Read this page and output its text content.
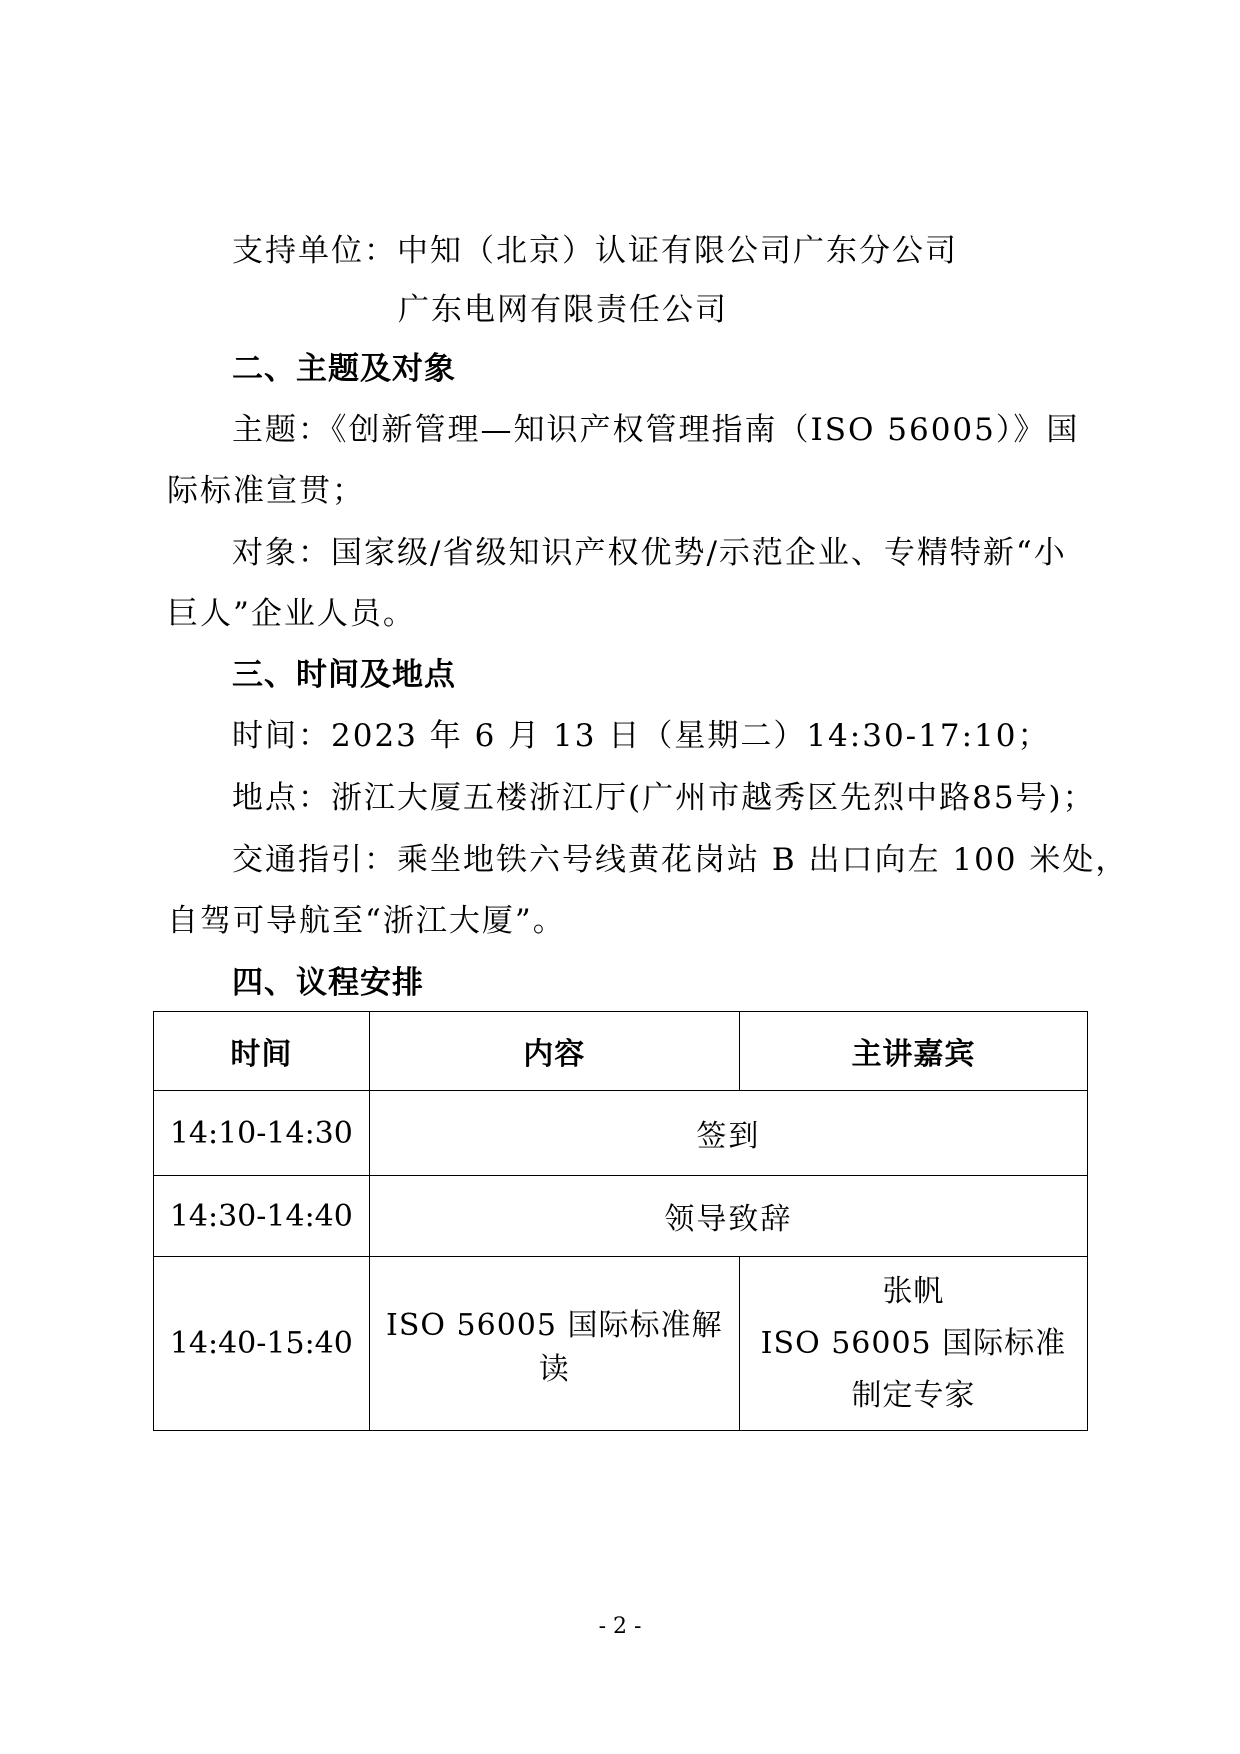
支持单位：中知（北京）认证有限公司广东分公司
广东电网有限责任公司
二、主题及对象
主题：《创新管理—知识产权管理指南（ISO 56005）》国
际标准宣贯；
对象：国家级/省级知识产权优势/示范企业、专精特新“小
巨人”企业人员。
三、时间及地点
时间：2023 年 6 月 13 日（星期二）14:30-17:10；
地点：浙江大厦五楼浙江厅(广州市越秀区先烈中路85号)；
交通指引：乘坐地铁六号线黄花岗站 B 出口向左 100 米处，
自驾可导航至“浙江大厦”。
四、议程安排
时间	内容	主讲嘉宾
14:10-14:30	签到	
14:30-14:40	领导致辞	
14:40-15:40	ISO 56005 国际标准解读	张帆
ISO 56005 国际标准
制定专家
- 2 -
